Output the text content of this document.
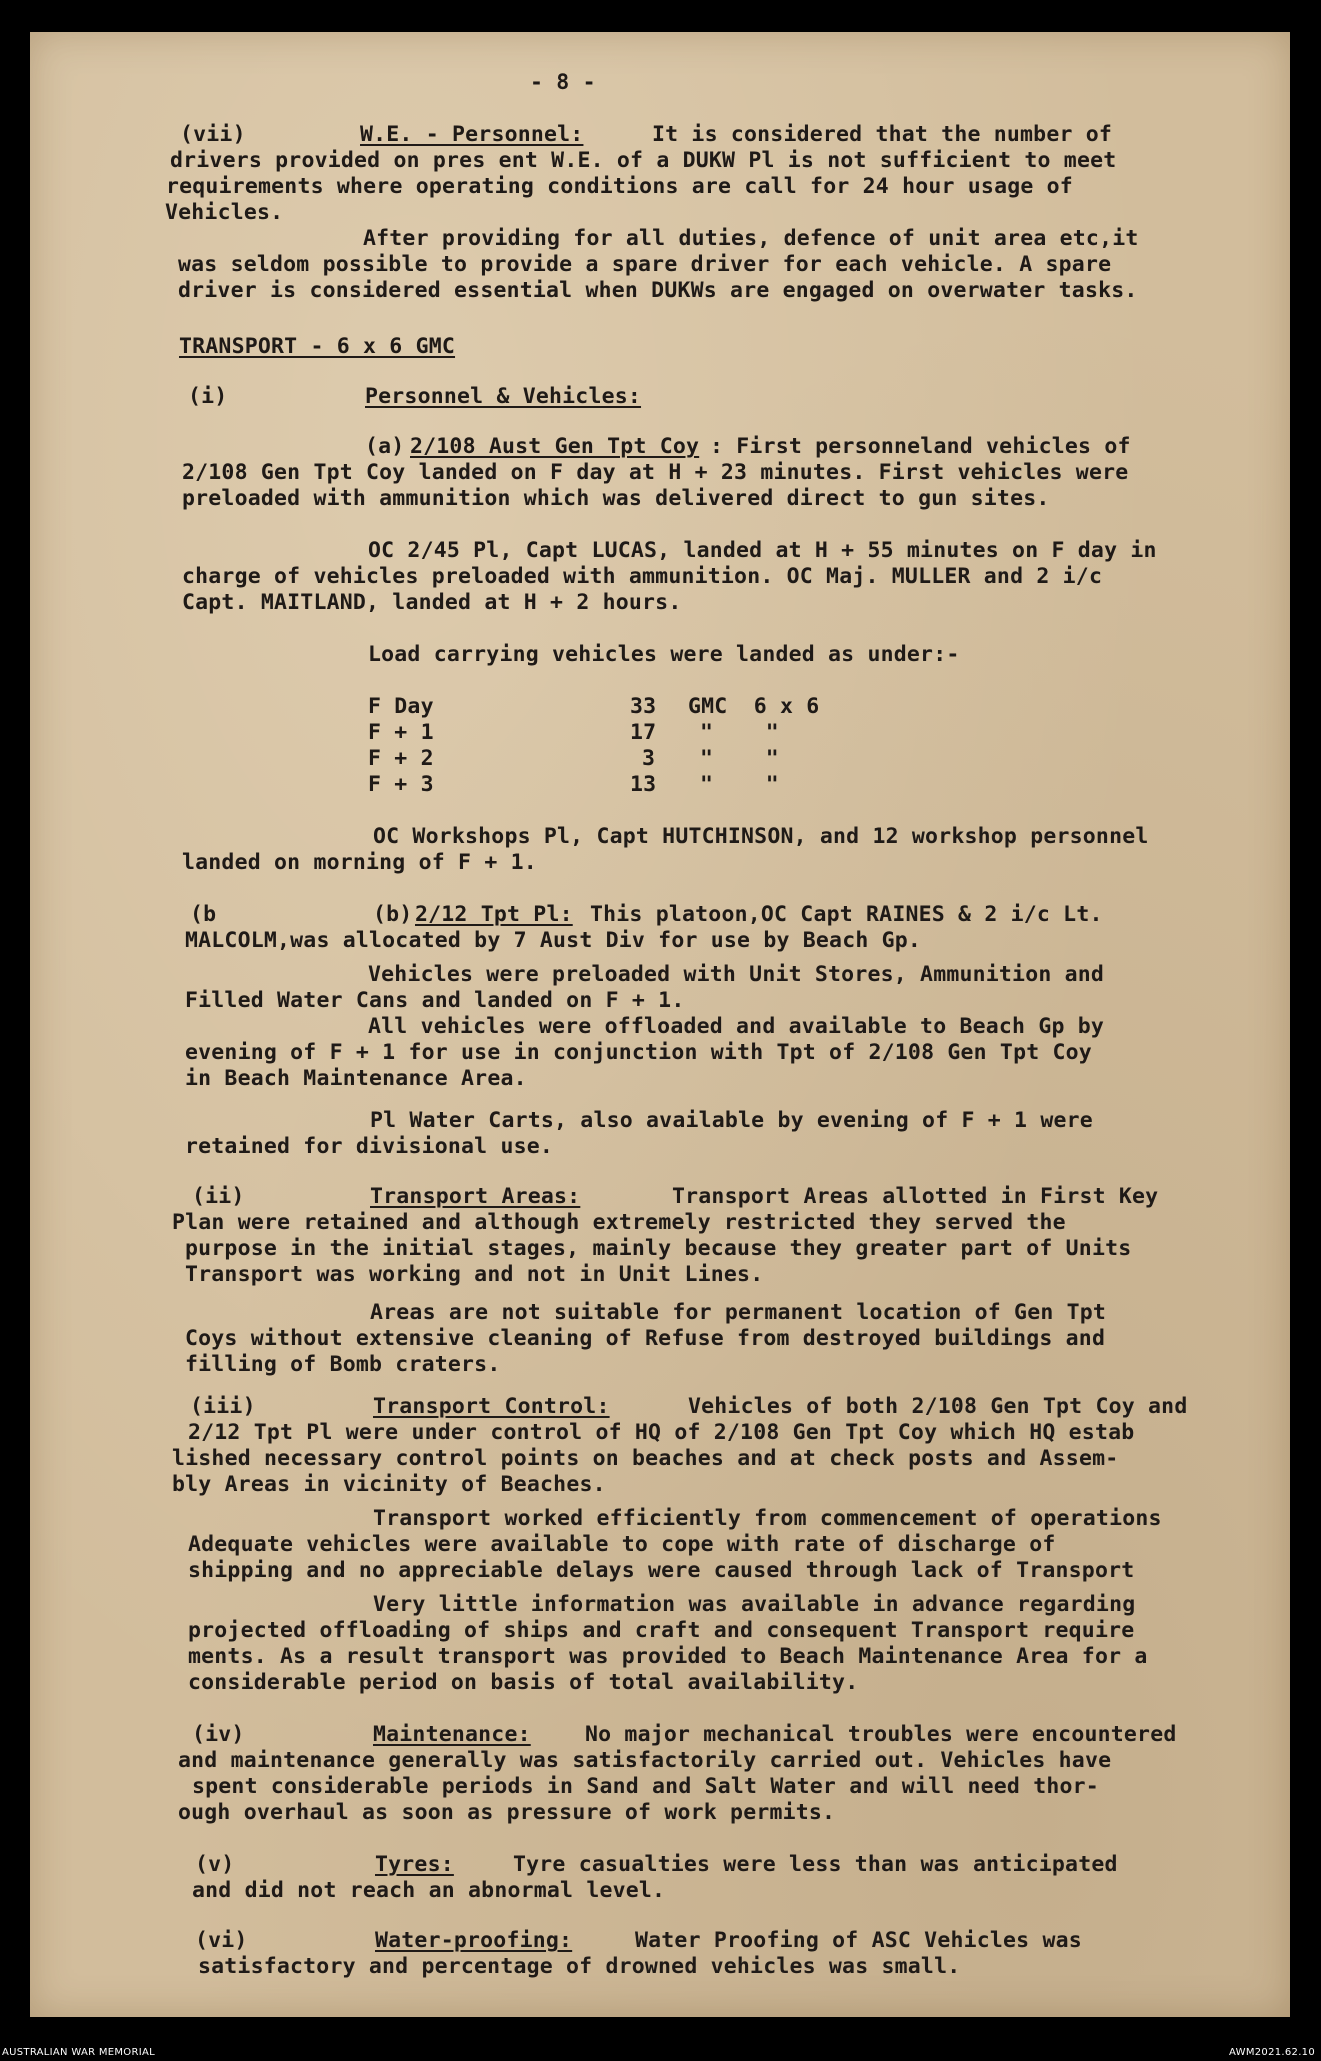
- 8 -
(vii)	W.E. - Personnel:	It is considered that the number of
drivers provided on pres ent W.E. of a DUKW Pl is not sufficient to meet
requirements where operating conditions are call for 24 hour usage of
Vehicles.
After providing for all duties, defence of unit area etc,it
was seldom possible to provide a spare driver for each vehicle. A spare
driver is considered essential when DUKWs are engaged on overwater tasks.
TRANSPORT - 6 x 6 GMC
(i)	Personnel & Vehicles:
(a) 2/108 Aust Gen Tpt Coy : First personneland vehicles of
2/108 Gen Tpt Coy landed on F day at H + 23 minutes. First vehicles were
preloaded with ammunition which was delivered direct to gun sites.
OC 2/45 Pl, Capt LUCAS, landed at H + 55 minutes on F day in
charge of vehicles preloaded with ammunition. OC Maj. MULLER and 2 i/c
Capt. MAITLAND, landed at H + 2 hours.
Load carrying vehicles were landed as under:-
F Day	33 GMC  6 x 6
F + 1	17 "    "
F + 2	3 "    "
F + 3	13 "    "
OC Workshops Pl, Capt HUTCHINSON, and 12 workshop personnel
landed on morning of F + 1.
(b	(b) 2/12 Tpt Pl: This platoon,OC Capt RAINES & 2 i/c Lt.
MALCOLM,was allocated by 7 Aust Div for use by Beach Gp.
Vehicles were preloaded with Unit Stores, Ammunition and
Filled Water Cans and landed on F + 1.
All vehicles were offloaded and available to Beach Gp by
evening of F + 1 for use in conjunction with Tpt of 2/108 Gen Tpt Coy
in Beach Maintenance Area.
Pl Water Carts, also available by evening of F + 1 were
retained for divisional use.
(ii)	Transport Areas:	Transport Areas allotted in First Key
Plan were retained and although extremely restricted they served the
purpose in the initial stages, mainly because they greater part of Units
Transport was working and not in Unit Lines.
Areas are not suitable for permanent location of Gen Tpt
Coys without extensive cleaning of Refuse from destroyed buildings and
filling of Bomb craters.
(iii)	Transport Control:	Vehicles of both 2/108 Gen Tpt Coy and
2/12 Tpt Pl were under control of HQ of 2/108 Gen Tpt Coy which HQ estab
lished necessary control points on beaches and at check posts and Assem-
bly Areas in vicinity of Beaches.
Transport worked efficiently from commencement of operations
Adequate vehicles were available to cope with rate of discharge of
shipping and no appreciable delays were caused through lack of Transport
Very little information was available in advance regarding
projected offloading of ships and craft and consequent Transport require
ments. As a result transport was provided to Beach Maintenance Area for a
considerable period on basis of total availability.
(iv)	Maintenance:	No major mechanical troubles were encountered
and maintenance generally was satisfactorily carried out. Vehicles have
spent considerable periods in Sand and Salt Water and will need thor-
ough overhaul as soon as pressure of work permits.
(v)	Tyres:	Tyre casualties were less than was anticipated
and did not reach an abnormal level.
(vi)	Water-proofing:	Water Proofing of ASC Vehicles was
satisfactory and percentage of drowned vehicles was small.
AUSTRALIAN WAR MEMORIAL	AWM2021.62.10
